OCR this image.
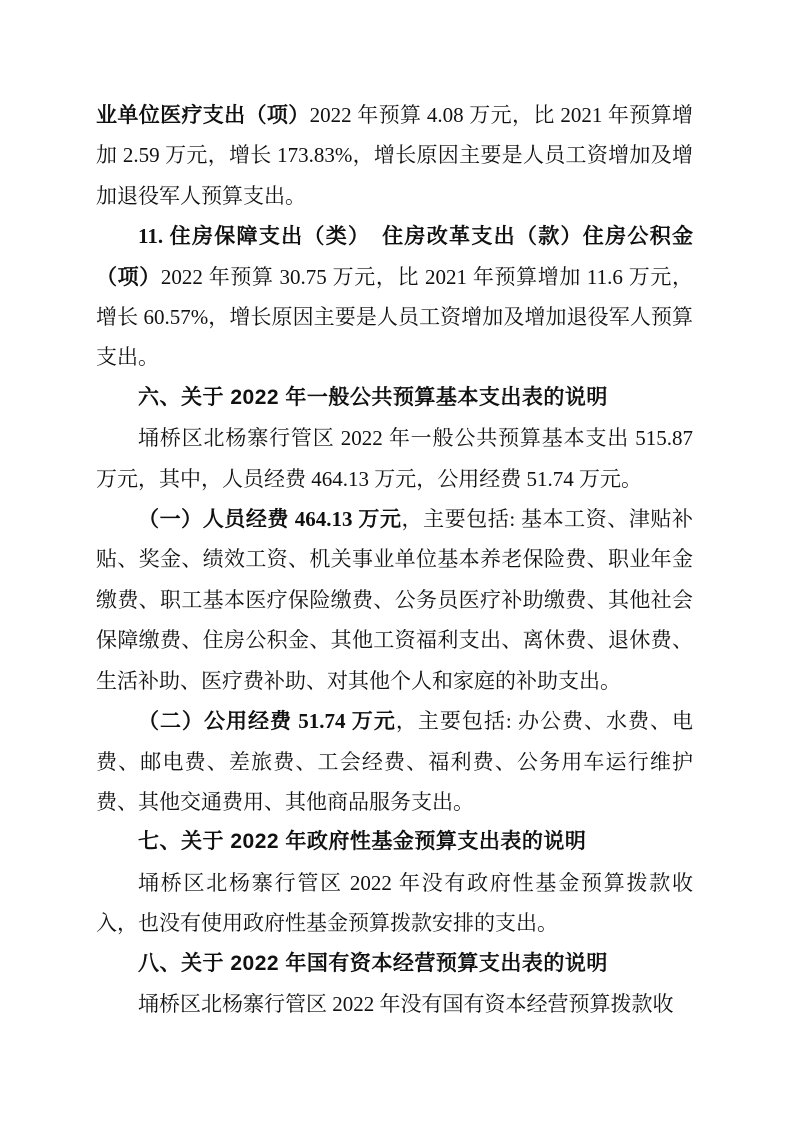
业单位医疗支出（项）2022 年预算 4.08 万元，比 2021 年预算增加 2.59 万元，增长 173.83%，增长原因主要是人员工资增加及增加退役军人预算支出。

11. 住房保障支出（类）　住房改革支出（款）住房公积金（项）2022 年预算 30.75 万元，比 2021 年预算增加 11.6 万元，增长 60.57%，增长原因主要是人员工资增加及增加退役军人预算支出。

六、关于 2022 年一般公共预算基本支出表的说明

埇桥区北杨寨行管区 2022 年一般公共预算基本支出 515.87 万元，其中，人员经费 464.13 万元，公用经费 51.74 万元。

（一）人员经费 464.13 万元，主要包括: 基本工资、津贴补贴、奖金、绩效工资、机关事业单位基本养老保险费、职业年金缴费、职工基本医疗保险缴费、公务员医疗补助缴费、其他社会保障缴费、住房公积金、其他工资福利支出、离休费、退休费、生活补助、医疗费补助、对其他个人和家庭的补助支出。

（二）公用经费 51.74 万元，主要包括: 办公费、水费、电费、邮电费、差旅费、工会经费、福利费、公务用车运行维护费、其他交通费用、其他商品服务支出。

七、关于 2022 年政府性基金预算支出表的说明

埇桥区北杨寨行管区 2022 年没有政府性基金预算拨款收入，也没有使用政府性基金预算拨款安排的支出。

八、关于 2022 年国有资本经营预算支出表的说明

埇桥区北杨寨行管区 2022 年没有国有资本经营预算拨款收
